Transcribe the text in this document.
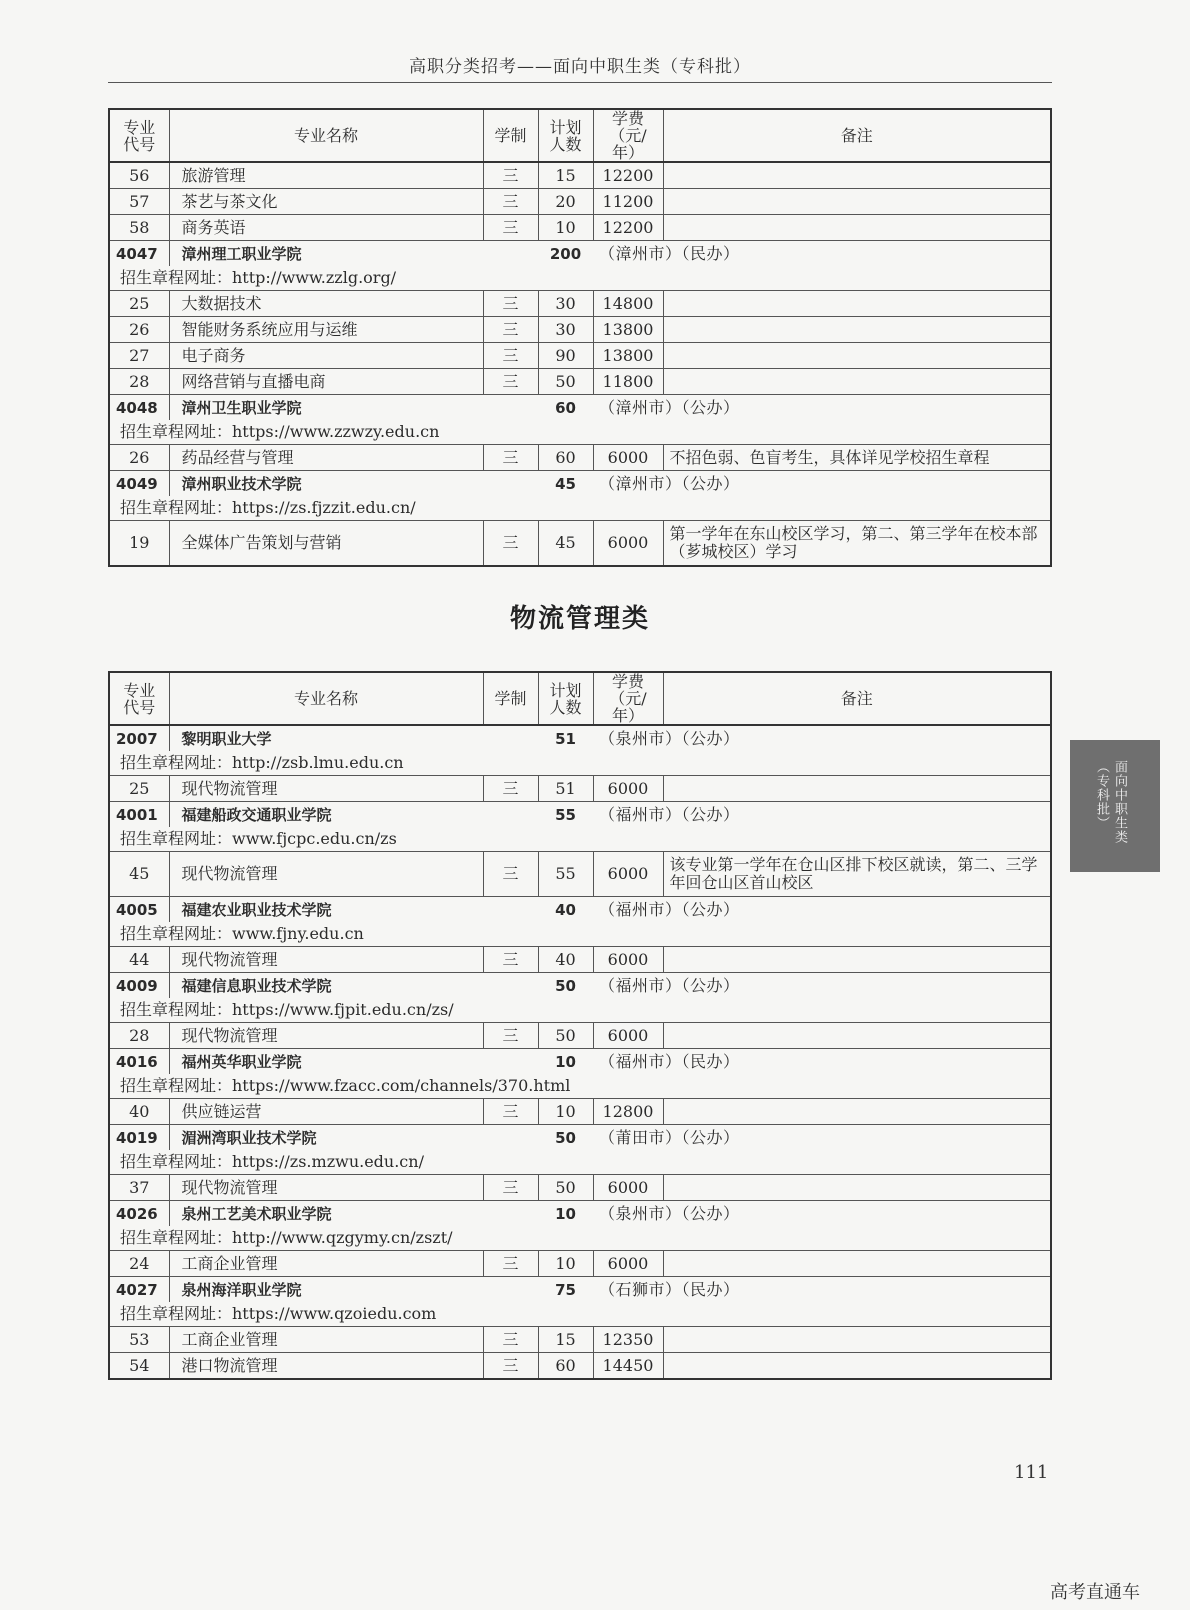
高职分类招考——面向中职生类（专科批）
专业代号	专业名称	学制	计划人数	学费（元/年）	备注
56	旅游管理	三	15	12200	
57	茶艺与茶文化	三	20	11200	
58	商务英语	三	10	12200	
4047	漳州理工职业学院		200	（漳州市）（民办）	
招生章程网址：http://www.zzlg.org/					
25	大数据技术	三	30	14800	
26	智能财务系统应用与运维	三	30	13800	
27	电子商务	三	90	13800	
28	网络营销与直播电商	三	50	11800	
4048	漳州卫生职业学院		60	（漳州市）（公办）	
招生章程网址：https://www.zzwzy.edu.cn					
26	药品经营与管理	三	60	6000	不招色弱、色盲考生，具体详见学校招生章程
4049	漳州职业技术学院		45	（漳州市）（公办）	
招生章程网址：https://zs.fjzzit.edu.cn/					
19	全媒体广告策划与营销	三	45	6000	第一学年在东山校区学习，第二、第三学年在校本部（芗城校区）学习
物流管理类
专业代号	专业名称	学制	计划人数	学费（元/年）	备注
2007	黎明职业大学		51	（泉州市）（公办）	
招生章程网址：http://zsb.lmu.edu.cn					
25	现代物流管理	三	51	6000	
4001	福建船政交通职业学院		55	（福州市）（公办）	
招生章程网址：www.fjcpc.edu.cn/zs					
45	现代物流管理	三	55	6000	该专业第一学年在仓山区排下校区就读，第二、三学年回仓山区首山校区
4005	福建农业职业技术学院		40	（福州市）（公办）	
招生章程网址：www.fjny.edu.cn					
44	现代物流管理	三	40	6000	
4009	福建信息职业技术学院		50	（福州市）（公办）	
招生章程网址：https://www.fjpit.edu.cn/zs/					
28	现代物流管理	三	50	6000	
4016	福州英华职业学院		10	（福州市）（民办）	
招生章程网址：https://www.fzacc.com/channels/370.html					
40	供应链运营	三	10	12800	
4019	湄洲湾职业技术学院		50	（莆田市）（公办）	
招生章程网址：https://zs.mzwu.edu.cn/					
37	现代物流管理	三	50	6000	
4026	泉州工艺美术职业学院		10	（泉州市）（公办）	
招生章程网址：http://www.qzgymy.cn/zszt/					
24	工商企业管理	三	10	6000	
4027	泉州海洋职业学院		75	（石狮市）（民办）	
招生章程网址：https://www.qzoiedu.com					
53	工商企业管理	三	15	12350	
54	港口物流管理	三	60	14450	
面向中职生类
（专科批）
111
高考直通车
